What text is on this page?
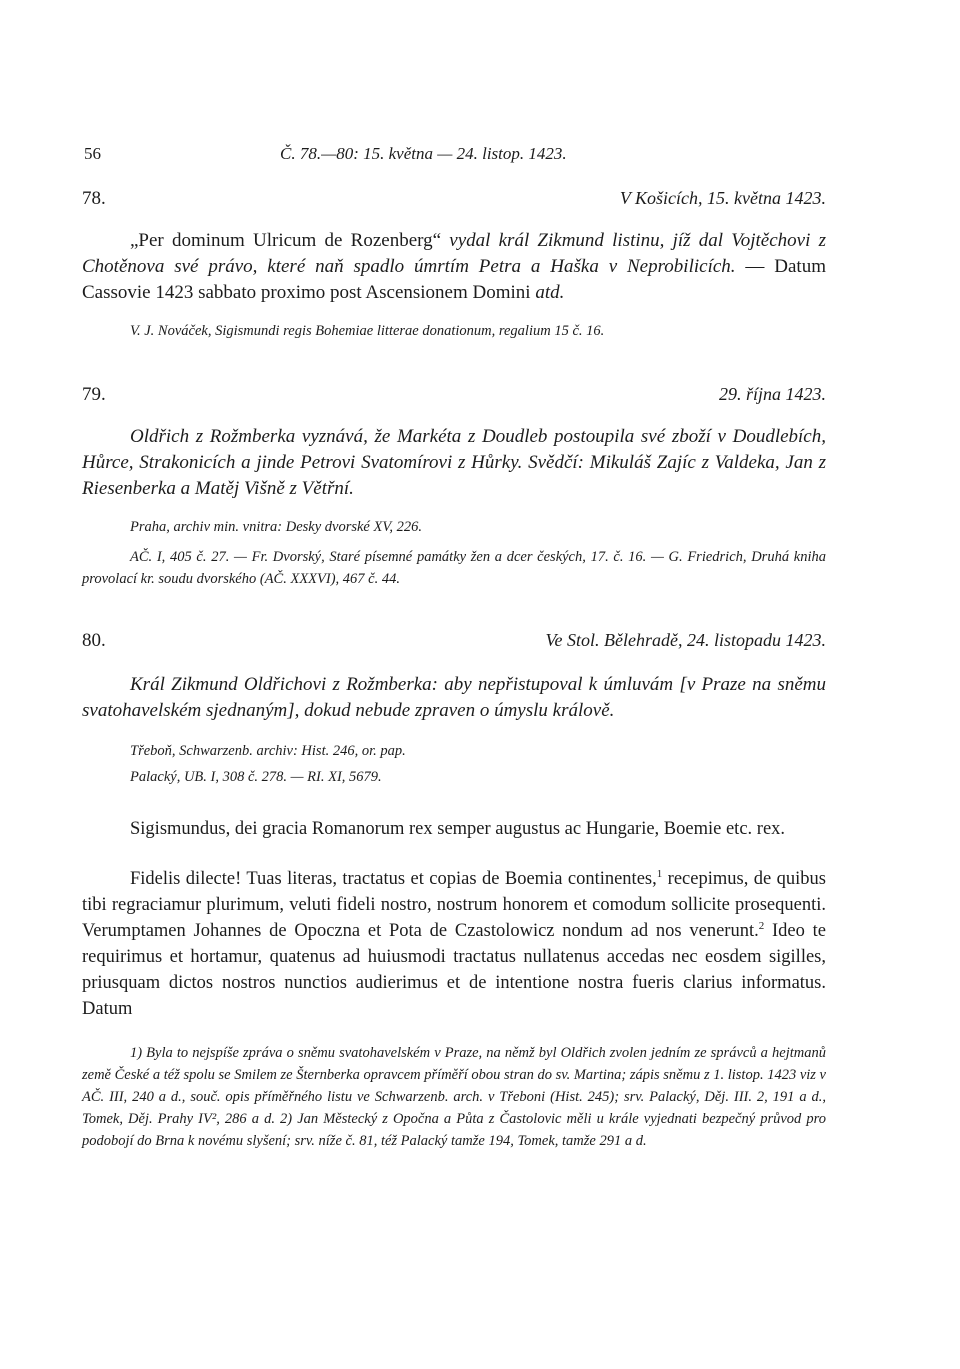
56	Č. 78.—80: 15. května — 24. listop. 1423.
78.	V Košicích, 15. května 1423.

„Per dominum Ulricum de Rozenberg“ vydal král Zikmund listinu, jíž dal Vojtěchovi z Chotěnova své právo, které naň spadlo úmrtím Petra a Haška v Neprobilicích. — Datum Cassovie 1423 sabbato proximo post Ascensionem Domini atd.

V. J. Nováček, Sigismundi regis Bohemiae litterae donationum, regalium 15 č. 16.

79.	29. října 1423.

Oldřich z Rožmberka vyznává, že Markéta z Doudleb postoupila své zboží v Doudlebích, Hůrce, Strakonicích a jinde Petrovi Svatomírovi z Hůrky. Svědčí: Mikuláš Zajíc z Valdeka, Jan z Riesenberka a Matěj Višně z Větřní.

Praha, archiv min. vnitra: Desky dvorské XV, 226.

AČ. I, 405 č. 27. — Fr. Dvorský, Staré písemné památky žen a dcer českých, 17. č. 16. — G. Friedrich, Druhá kniha provolací kr. soudu dvorského (AČ. XXXVI), 467 č. 44.

80.	Ve Stol. Bělehradě, 24. listopadu 1423.

Král Zikmund Oldřichovi z Rožmberka: aby nepřistupoval k úmluvám [v Praze na sněmu svatohavelském sjednaným], dokud nebude zpraven o úmyslu králově.

Třeboň, Schwarzenb. archiv: Hist. 246, or. pap.

Palacký, UB. I, 308 č. 278. — RI. XI, 5679.

Sigismundus, dei gracia Romanorum rex semper augustus ac Hungarie, Boemie etc. rex.

Fidelis dilecte! Tuas literas, tractatus et copias de Boemia continentes,$^1$ recepimus, de quibus tibi regraciamur plurimum, veluti fideli nostro, nostrum honorem et comodum sollicite prosequenti. Verumptamen Johannes de Opoczna et Pota de Czastolowicz nondum ad nos venerunt.$^2$ Ideo te requirimus et hortamur, quatenus ad huiusmodi tractatus nullatenus accedas nec eosdem sigilles, priusquam dictos nostros nunctios audierimus et de intentione nostra fueris clarius informatus. Datum

1) Byla to nejspíše zpráva o sněmu svatohavelském v Praze, na němž byl Oldřich zvolen jedním ze správců a hejtmanů země České a též spolu se Smilem ze Šternberka opravcem příměří obou stran do sv. Martina; zápis sněmu z 1. listop. 1423 viz v AČ. III, 240 a d., souč. opis příměřného listu ve Schwarzenb. arch. v Třeboni (Hist. 245); srv. Palacký, Děj. III. 2, 191 a d., Tomek, Děj. Prahy IV², 286 a d. 2) Jan Městecký z Opočna a Půta z Častolovic měli u krále vyjednati bezpečný průvod pro podobojí do Brna k novému slyšení; srv. níže č. 81, též Palacký tamže 194, Tomek, tamže 291 a d.
